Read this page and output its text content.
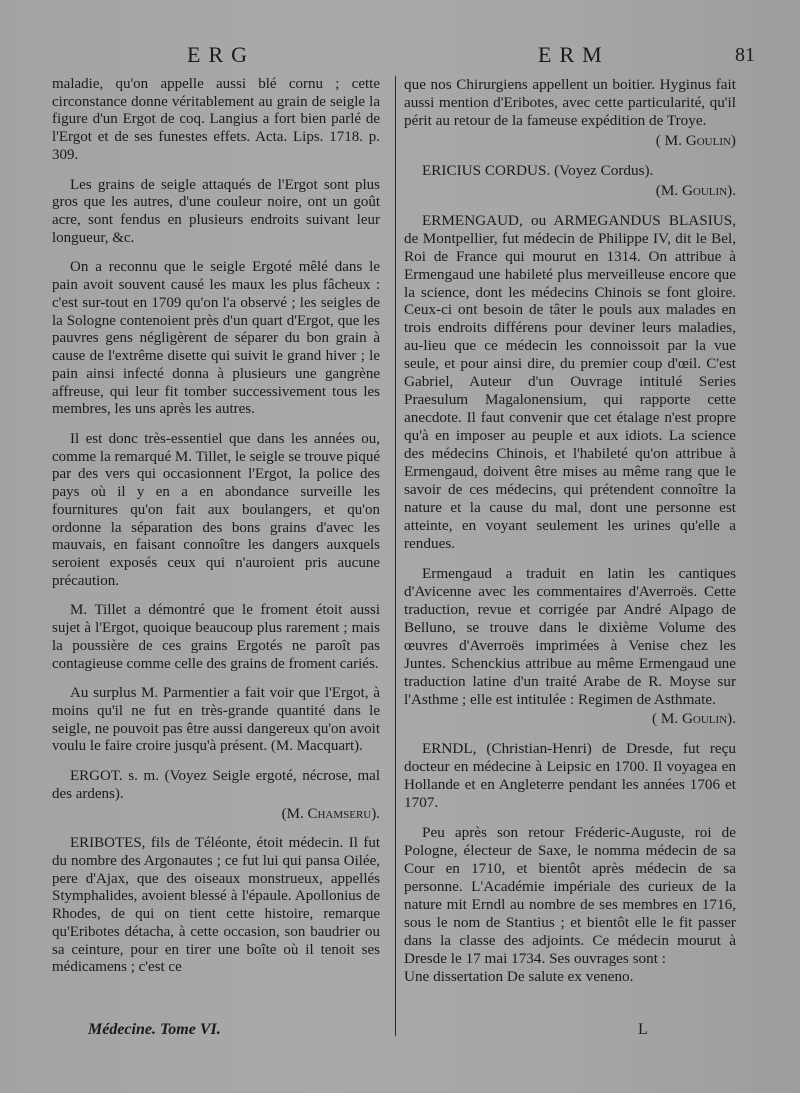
ERG	ERM	81

maladie, qu'on appelle aussi blé cornu ; cette circonstance donne véritablement au grain de seigle la figure d'un Ergot de coq. Langius a fort bien parlé de l'Ergot et de ses funestes effets. Acta. Lips. 1718. p. 309.

Les grains de seigle attaqués de l'Ergot sont plus gros que les autres, d'une couleur noire, ont un goût acre, sont fendus en plusieurs endroits suivant leur longueur, &c.

On a reconnu que le seigle Ergoté mêlé dans le pain avoit souvent causé les maux les plus fâcheux : c'est sur-tout en 1709 qu'on l'a observé ; les seigles de la Sologne contenoient près d'un quart d'Ergot, que les pauvres gens négligèrent de séparer du bon grain à cause de l'extrême disette qui suivit le grand hiver ; le pain ainsi infecté donna à plusieurs une gangrène affreuse, qui leur fit tomber successivement tous les membres, les uns après les autres.

Il est donc très-essentiel que dans les années ou, comme la remarqué M. Tillet, le seigle se trouve piqué par des vers qui occasionnent l'Ergot, la police des pays où il y en a en abondance surveille les fournitures qu'on fait aux boulangers, et qu'on ordonne la séparation des bons grains d'avec les mauvais, en faisant connoître les dangers auxquels seroient exposés ceux qui n'auroient pris aucune précaution.

M. Tillet a démontré que le froment étoit aussi sujet à l'Ergot, quoique beaucoup plus rarement ; mais la poussière de ces grains Ergotés ne paroît pas contagieuse comme celle des grains de froment cariés.

Au surplus M. Parmentier a fait voir que l'Ergot, à moins qu'il ne fut en très-grande quantité dans le seigle, ne pouvoit pas être aussi dangereux qu'on avoit voulu le faire croire jusqu'à présent. (M. Macquart).

ERGOT. s. m. (Voyez Seigle ergoté, nécrose, mal des ardens).

(M. Chamseru).

ERIBOTES, fils de Téléonte, étoit médecin. Il fut du nombre des Argonautes ; ce fut lui qui pansa Oilée, pere d'Ajax, que des oiseaux monstrueux, appellés Stymphalides, avoient blessé à l'épaule. Apollonius de Rhodes, de qui on tient cette histoire, remarque qu'Eribotes détacha, à cette occasion, son baudrier ou sa ceinture, pour en tirer une boîte où il tenoit ses médicamens ; c'est ce

que nos Chirurgiens appellent un boitier. Hyginus fait aussi mention d'Eribotes, avec cette particularité, qu'il périt au retour de la fameuse expédition de Troye.

( M. Goulin)

ERICIUS CORDUS. (Voyez Cordus).

(M. Goulin).

ERMENGAUD, ou ARMEGANDUS BLASIUS, de Montpellier, fut médecin de Philippe IV, dit le Bel, Roi de France qui mourut en 1314. On attribue à Ermengaud une habileté plus merveilleuse encore que la science, dont les médecins Chinois se font gloire. Ceux-ci ont besoin de tâter le pouls aux malades en trois endroits différens pour deviner leurs maladies, au-lieu que ce médecin les connoissoit par la vue seule, et pour ainsi dire, du premier coup d'œil. C'est Gabriel, Auteur d'un Ouvrage intitulé Series Praesulum Magalonensium, qui rapporte cette anecdote. Il faut convenir que cet étalage n'est propre qu'à en imposer au peuple et aux idiots. La science des médecins Chinois, et l'habileté qu'on attribue à Ermengaud, doivent être mises au même rang que le savoir de ces médecins, qui prétendent connoître la nature et la cause du mal, dont une personne est atteinte, en voyant seulement les urines qu'elle a rendues.

Ermengaud a traduit en latin les cantiques d'Avicenne avec les commentaires d'Averroës. Cette traduction, revue et corrigée par André Alpago de Belluno, se trouve dans le dixième Volume des œuvres d'Averroës imprimées à Venise chez les Juntes. Schenckius attribue au même Ermengaud une traduction latine d'un traité Arabe de R. Moyse sur l'Asthme ; elle est intitulée : Regimen de Asthmate.

( M. Goulin).

ERNDL, (Christian-Henri) de Dresde, fut reçu docteur en médecine à Leipsic en 1700. Il voyagea en Hollande et en Angleterre pendant les années 1706 et 1707.

Peu après son retour Fréderic-Auguste, roi de Pologne, électeur de Saxe, le nomma médecin de sa Cour en 1710, et bientôt après médecin de sa personne. L'Académie impériale des curieux de la nature mit Erndl au nombre de ses membres en 1716, sous le nom de Stantius ; et bientôt elle le fit passer dans la classe des adjoints. Ce médecin mourut à Dresde le 17 mai 1734. Ses ouvrages sont :

Une dissertation De salute ex veneno.

Médecine. Tome VI.	L
